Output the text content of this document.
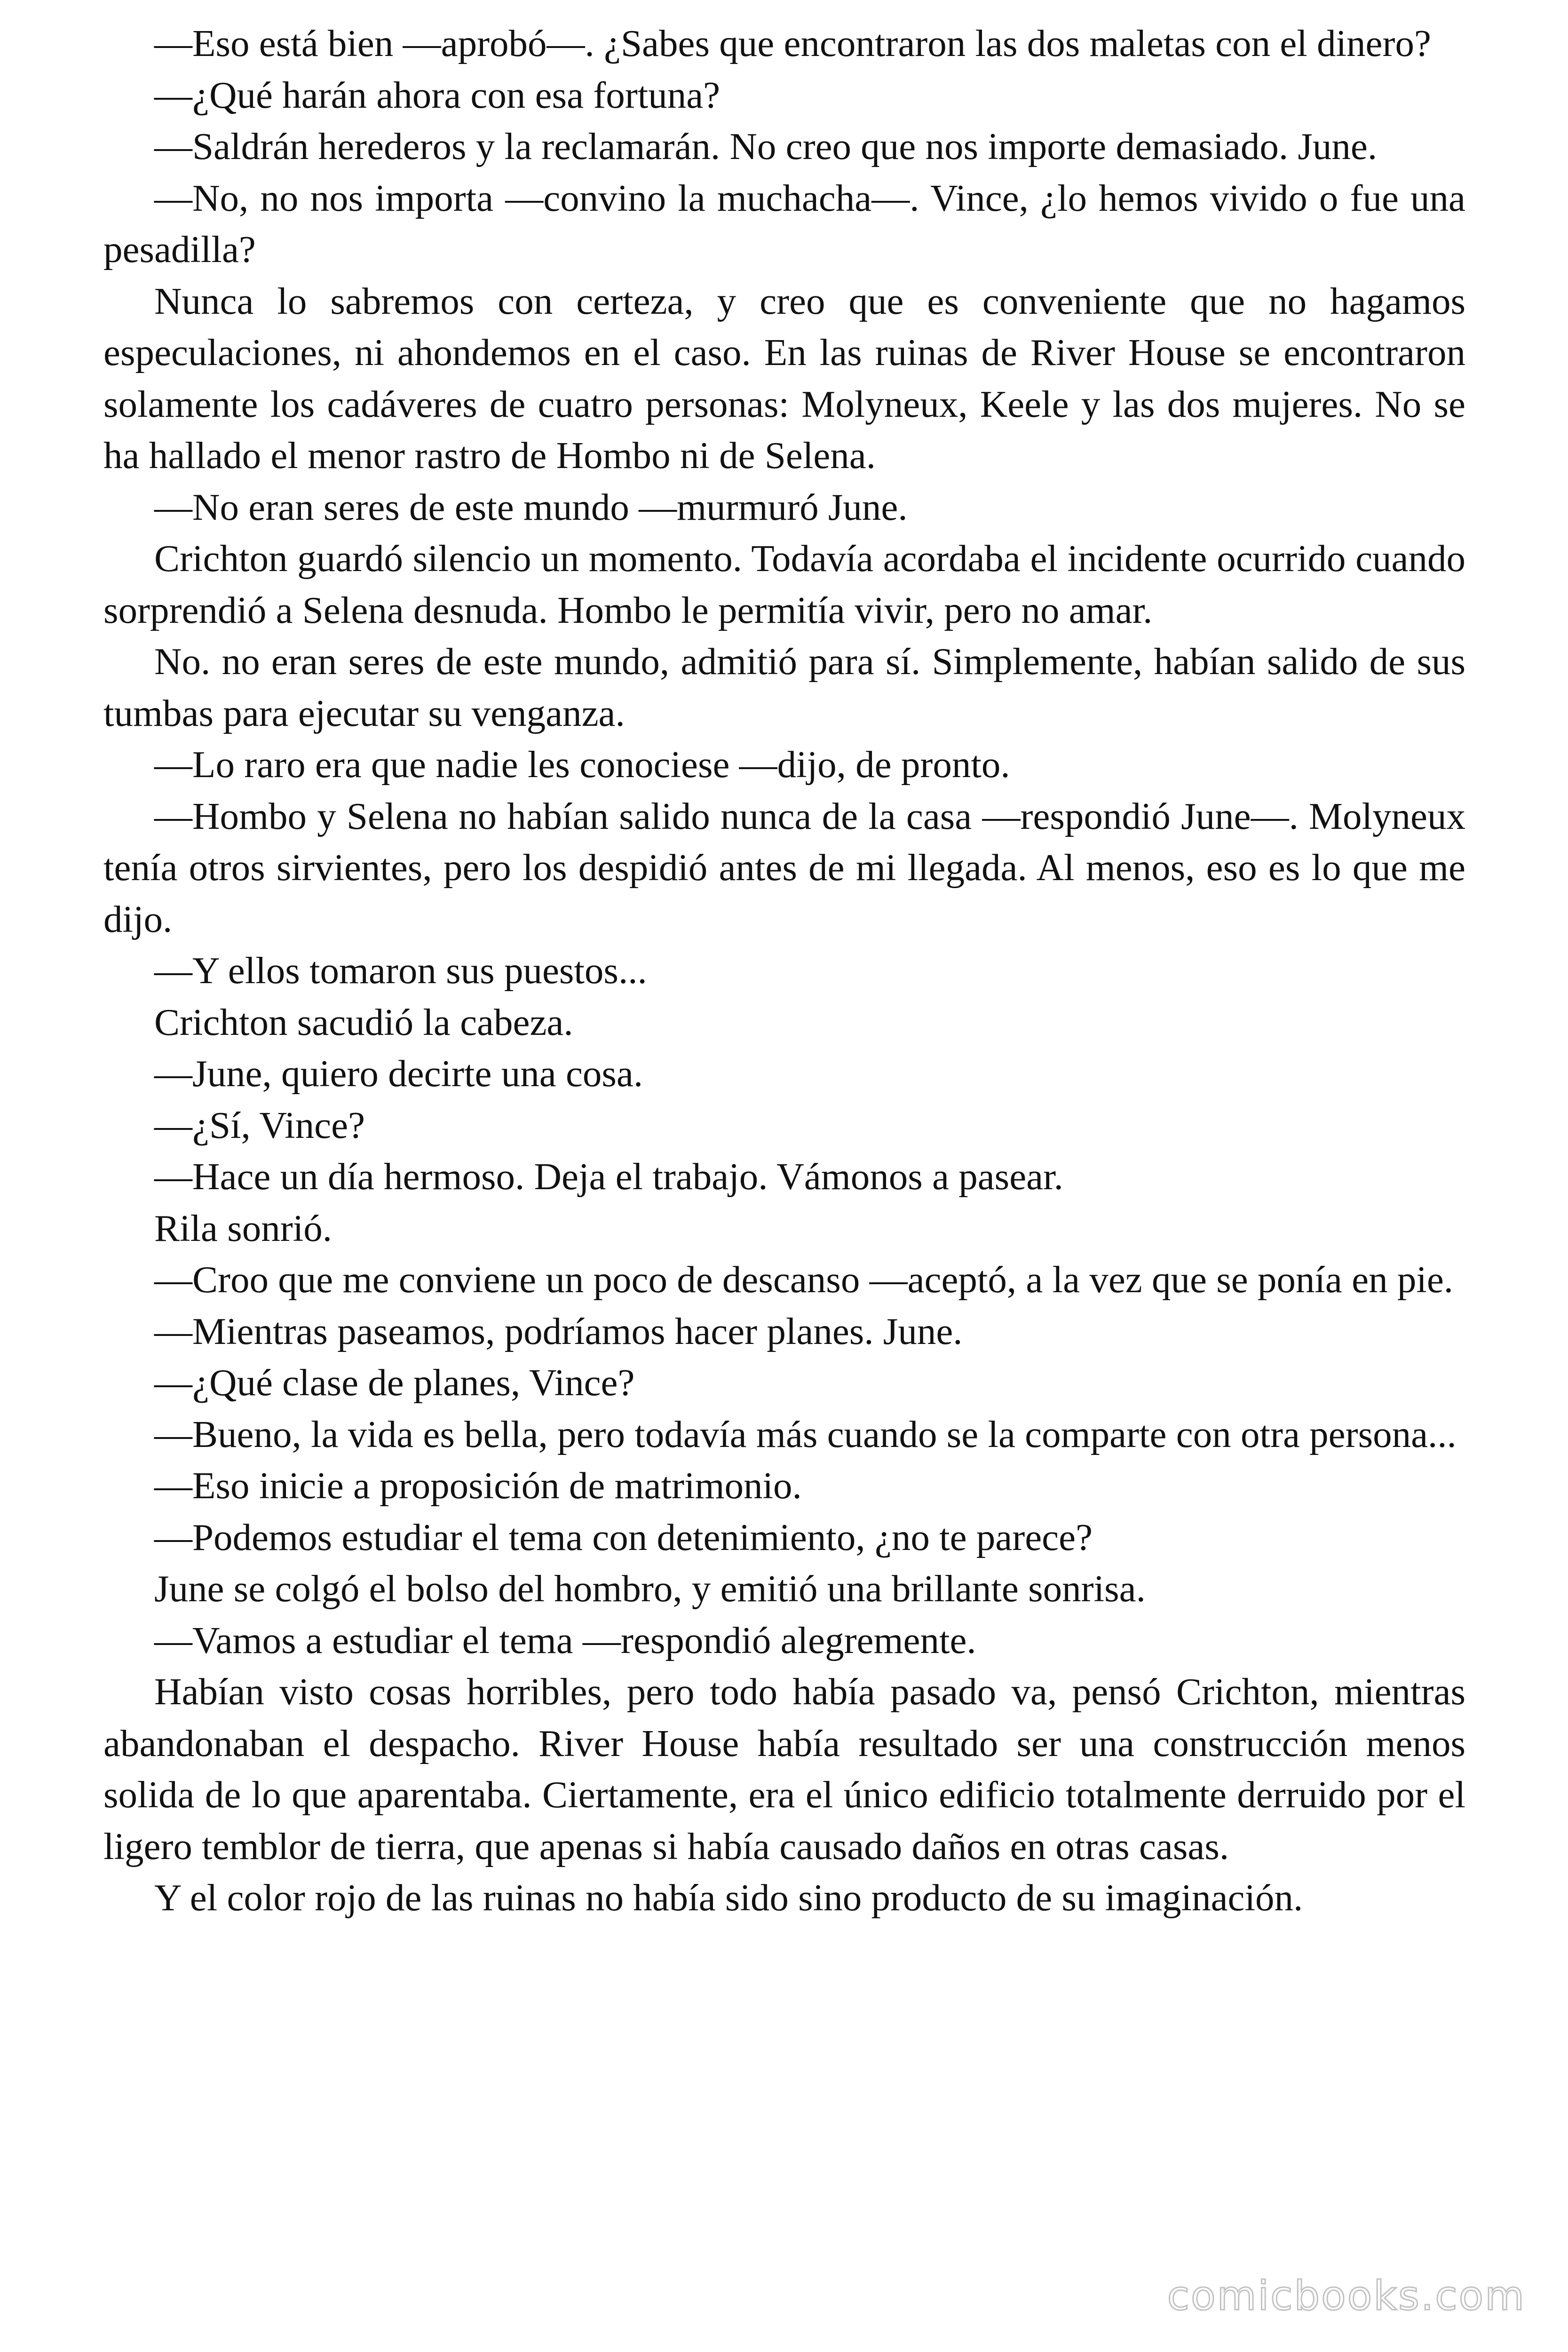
—Eso está bien —aprobó—. ¿Sabes que encontraron las dos maletas con el dinero?

—¿Qué harán ahora con esa fortuna?

—Saldrán herederos y la reclamarán. No creo que nos importe demasiado. June.

—No, no nos importa —convino la muchacha—. Vince, ¿lo hemos vivido o fue una pesadilla?

Nunca lo sabremos con certeza, y creo que es conveniente que no hagamos especulaciones, ni ahondemos en el caso. En las ruinas de River House se encontraron solamente los cadáveres de cuatro personas: Molyneux, Keele y las dos mujeres. No se ha hallado el menor rastro de Hombo ni de Selena.

—No eran seres de este mundo —murmuró June.

Crichton guardó silencio un momento. Todavía acordaba el incidente ocurrido cuando sorprendió a Selena desnuda. Hombo le permitía vivir, pero no amar.

No. no eran seres de este mundo, admitió para sí. Simplemente, habían salido de sus tumbas para ejecutar su venganza.

—Lo raro era que nadie les conociese —dijo, de pronto.

—Hombo y Selena no habían salido nunca de la casa —respondió June—. Molyneux tenía otros sirvientes, pero los despidió antes de mi llegada. Al menos, eso es lo que me dijo.

—Y ellos tomaron sus puestos...

Crichton sacudió la cabeza.

—June, quiero decirte una cosa.

—¿Sí, Vince?

—Hace un día hermoso. Deja el trabajo. Vámonos a pasear.

Rila sonrió.

—Croo que me conviene un poco de descanso —aceptó, a la vez que se ponía en pie.

—Mientras paseamos, podríamos hacer planes. June.

—¿Qué clase de planes, Vince?

—Bueno, la vida es bella, pero todavía más cuando se la comparte con otra persona...

—Eso inicie a proposición de matrimonio.

—Podemos estudiar el tema con detenimiento, ¿no te parece?

June se colgó el bolso del hombro, y emitió una brillante sonrisa.

—Vamos a estudiar el tema —respondió alegremente.

Habían visto cosas horribles, pero todo había pasado va, pensó Crichton, mientras abandonaban el despacho. River House había resultado ser una construcción menos solida de lo que aparentaba. Ciertamente, era el único edificio totalmente derruido por el ligero temblor de tierra, que apenas si había causado daños en otras casas.

Y el color rojo de las ruinas no había sido sino producto de su imaginación.

comicbooks.com
